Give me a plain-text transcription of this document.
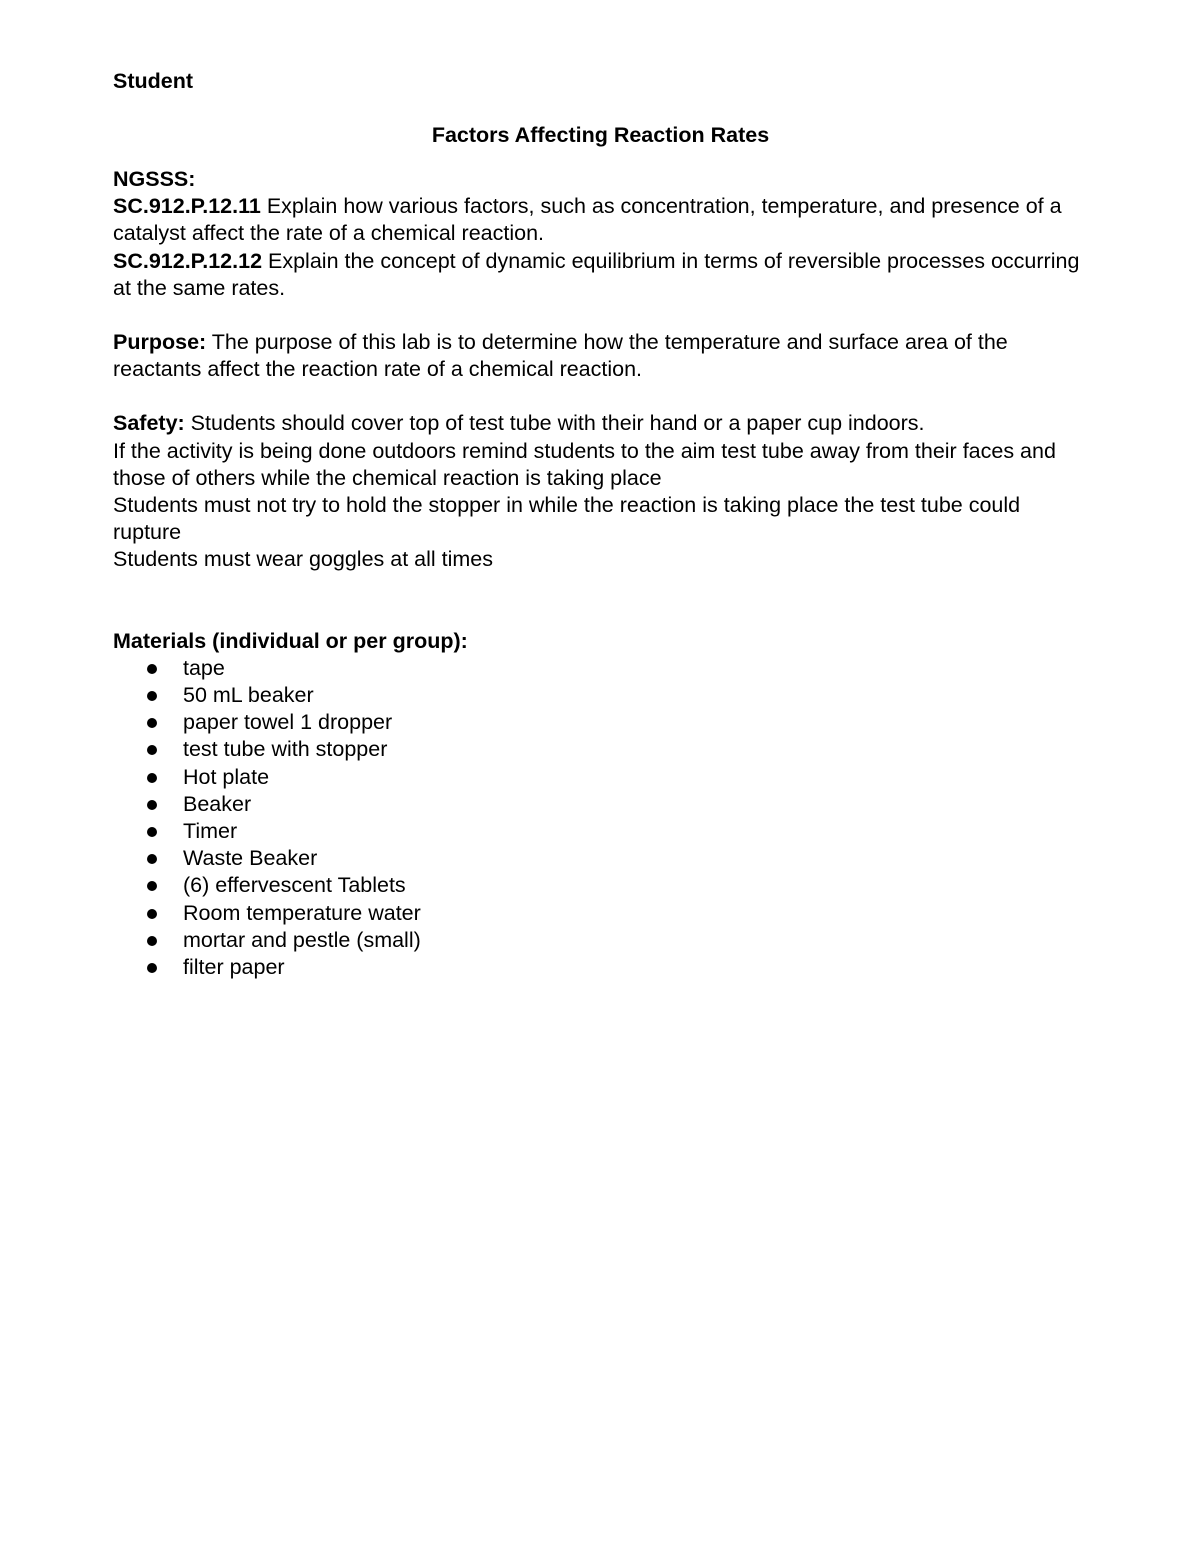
Student
Factors Affecting Reaction Rates
NGSSS:

SC.912.P.12.11 Explain how various factors, such as concentration, temperature, and presence of a catalyst affect the rate of a chemical reaction.

SC.912.P.12.12 Explain the concept of dynamic equilibrium in terms of reversible processes occurring at the same rates.

Purpose: The purpose of this lab is to determine how the temperature and surface area of the reactants affect the reaction rate of a chemical reaction.

Safety: Students should cover top of test tube with their hand or a paper cup indoors.

If the activity is being done outdoors remind students to the aim test tube away from their faces and those of others while the chemical reaction is taking place

Students must not try to hold the stopper in while the reaction is taking place the test tube could rupture

Students must wear goggles at all times

Materials (individual or per group):
tape
50 mL beaker
paper towel 1 dropper
test tube with stopper
Hot plate
Beaker
Timer
Waste Beaker
(6) effervescent Tablets
Room temperature water
mortar and pestle (small)
filter paper
